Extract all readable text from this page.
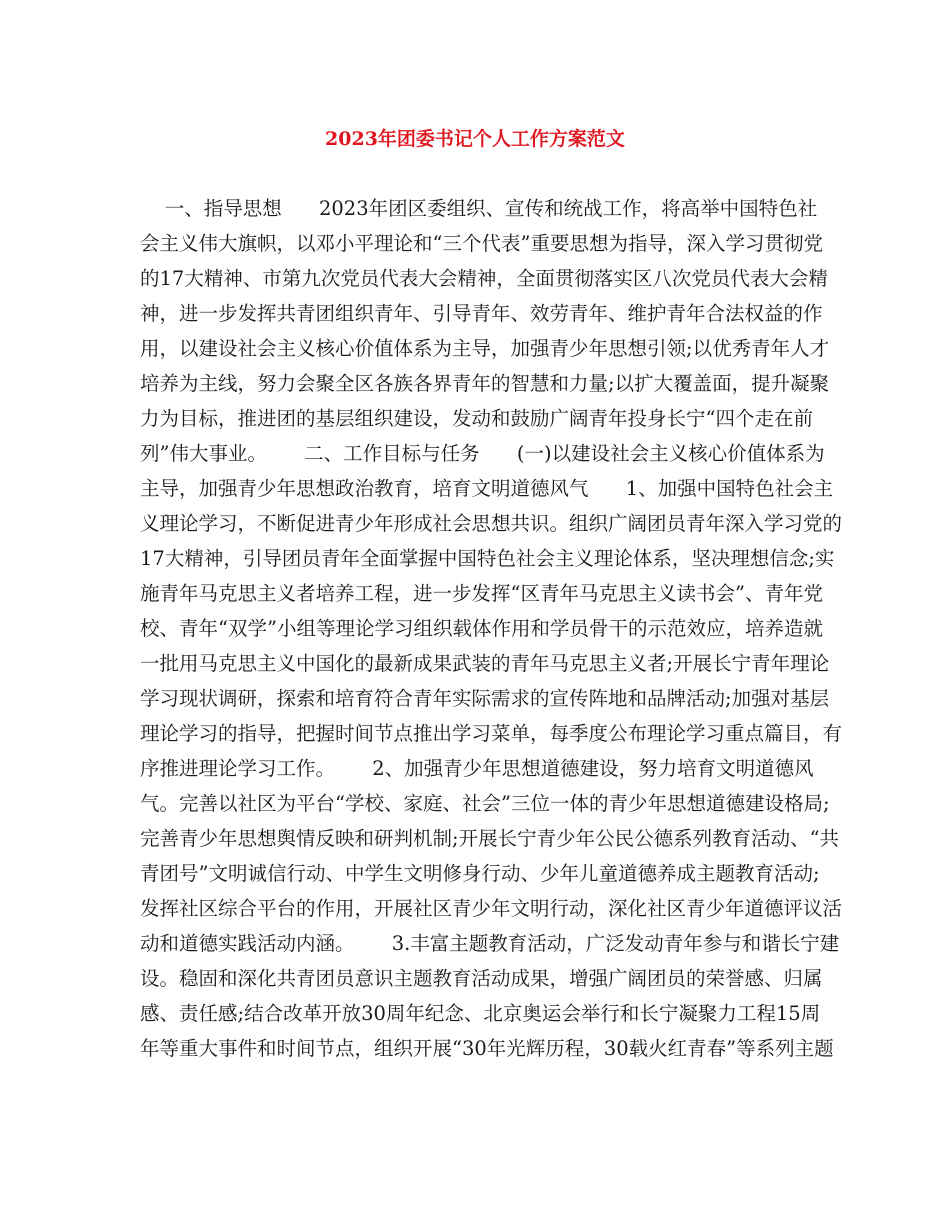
2023年团委书记个人工作方案范文
一、指导思想      2023年团区委组织、宣传和统战工作，将高举中国特色社
会主义伟大旗帜，以邓小平理论和“三个代表”重要思想为指导，深入学习贯彻党
的17大精神、市第九次党员代表大会精神，全面贯彻落实区八次党员代表大会精
神，进一步发挥共青团组织青年、引导青年、效劳青年、维护青年合法权益的作
用，以建设社会主义核心价值体系为主导，加强青少年思想引领;以优秀青年人才
培养为主线，努力会聚全区各族各界青年的智慧和力量;以扩大覆盖面，提升凝聚
力为目标，推进团的基层组织建设，发动和鼓励广阔青年投身长宁“四个走在前
列”伟大事业。      二、工作目标与任务      (一)以建设社会主义核心价值体系为
主导，加强青少年思想政治教育，培育文明道德风气      1、加强中国特色社会主
义理论学习，不断促进青少年形成社会思想共识。组织广阔团员青年深入学习党的
17大精神，引导团员青年全面掌握中国特色社会主义理论体系，坚决理想信念;实
施青年马克思主义者培养工程，进一步发挥“区青年马克思主义读书会”、青年党
校、青年“双学”小组等理论学习组织载体作用和学员骨干的示范效应，培养造就
一批用马克思主义中国化的最新成果武装的青年马克思主义者;开展长宁青年理论
学习现状调研，探索和培育符合青年实际需求的宣传阵地和品牌活动;加强对基层
理论学习的指导，把握时间节点推出学习菜单，每季度公布理论学习重点篇目，有
序推进理论学习工作。      2、加强青少年思想道德建设，努力培育文明道德风
气。完善以社区为平台“学校、家庭、社会”三位一体的青少年思想道德建设格局;
完善青少年思想舆情反映和研判机制;开展长宁青少年公民公德系列教育活动、“共
青团号”文明诚信行动、中学生文明修身行动、少年儿童道德养成主题教育活动;
发挥社区综合平台的作用，开展社区青少年文明行动，深化社区青少年道德评议活
动和道德实践活动内涵。      3.丰富主题教育活动，广泛发动青年参与和谐长宁建
设。稳固和深化共青团员意识主题教育活动成果，增强广阔团员的荣誉感、归属
感、责任感;结合改革开放30周年纪念、北京奥运会举行和长宁凝聚力工程15周
年等重大事件和时间节点，组织开展“30年光辉历程，30载火红青春”等系列主题
